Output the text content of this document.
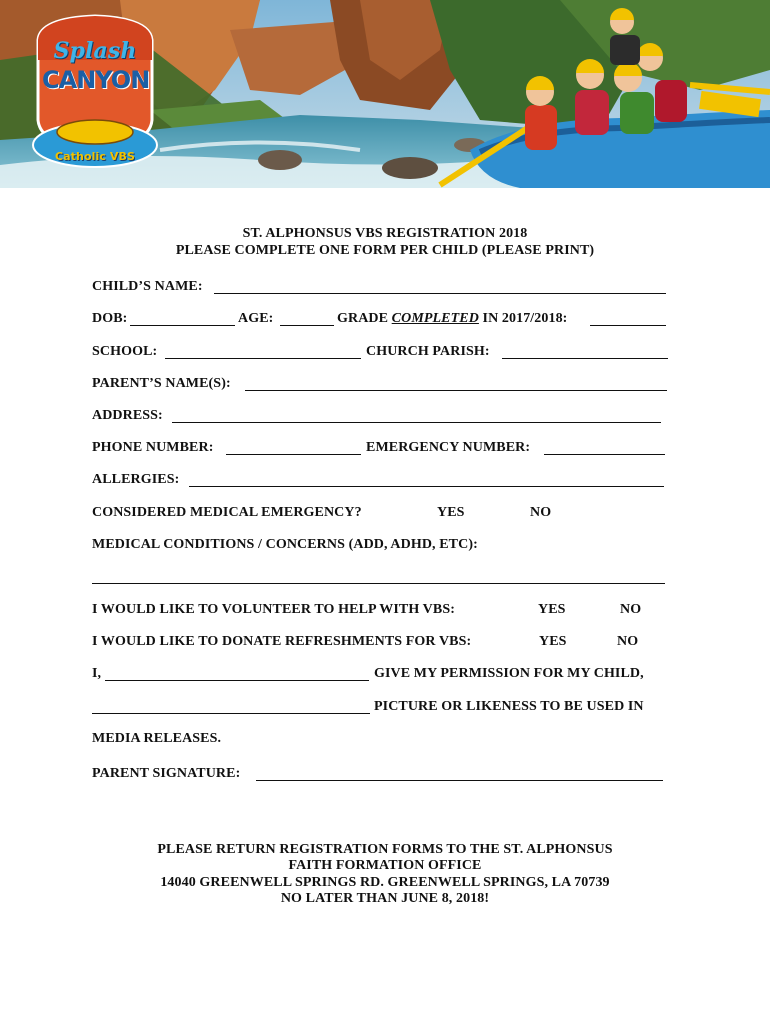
Splash
CANYON
Catholic VBS
ST. ALPHONSUS VBS REGISTRATION 2018
PLEASE COMPLETE ONE FORM PER CHILD (PLEASE PRINT)
CHILD’S NAME:
DOB:	AGE:	GRADE COMPLETED IN 2017/2018:
SCHOOL:	CHURCH PARISH:
PARENT’S NAME(S):
ADDRESS:
PHONE NUMBER:	EMERGENCY NUMBER:
ALLERGIES:
CONSIDERED MEDICAL EMERGENCY?	YES	NO
MEDICAL CONDITIONS / CONCERNS (ADD, ADHD, ETC):
I WOULD LIKE TO VOLUNTEER TO HELP WITH VBS:	YES	NO
I WOULD LIKE TO DONATE REFRESHMENTS FOR VBS:	YES	NO
I,	GIVE MY PERMISSION FOR MY CHILD,
PICTURE OR LIKENESS TO BE USED IN
MEDIA RELEASES.
PARENT SIGNATURE:
PLEASE RETURN REGISTRATION FORMS TO THE ST. ALPHONSUS
FAITH FORMATION OFFICE
14040 GREENWELL SPRINGS RD. GREENWELL SPRINGS, LA 70739
NO LATER THAN JUNE 8, 2018!
